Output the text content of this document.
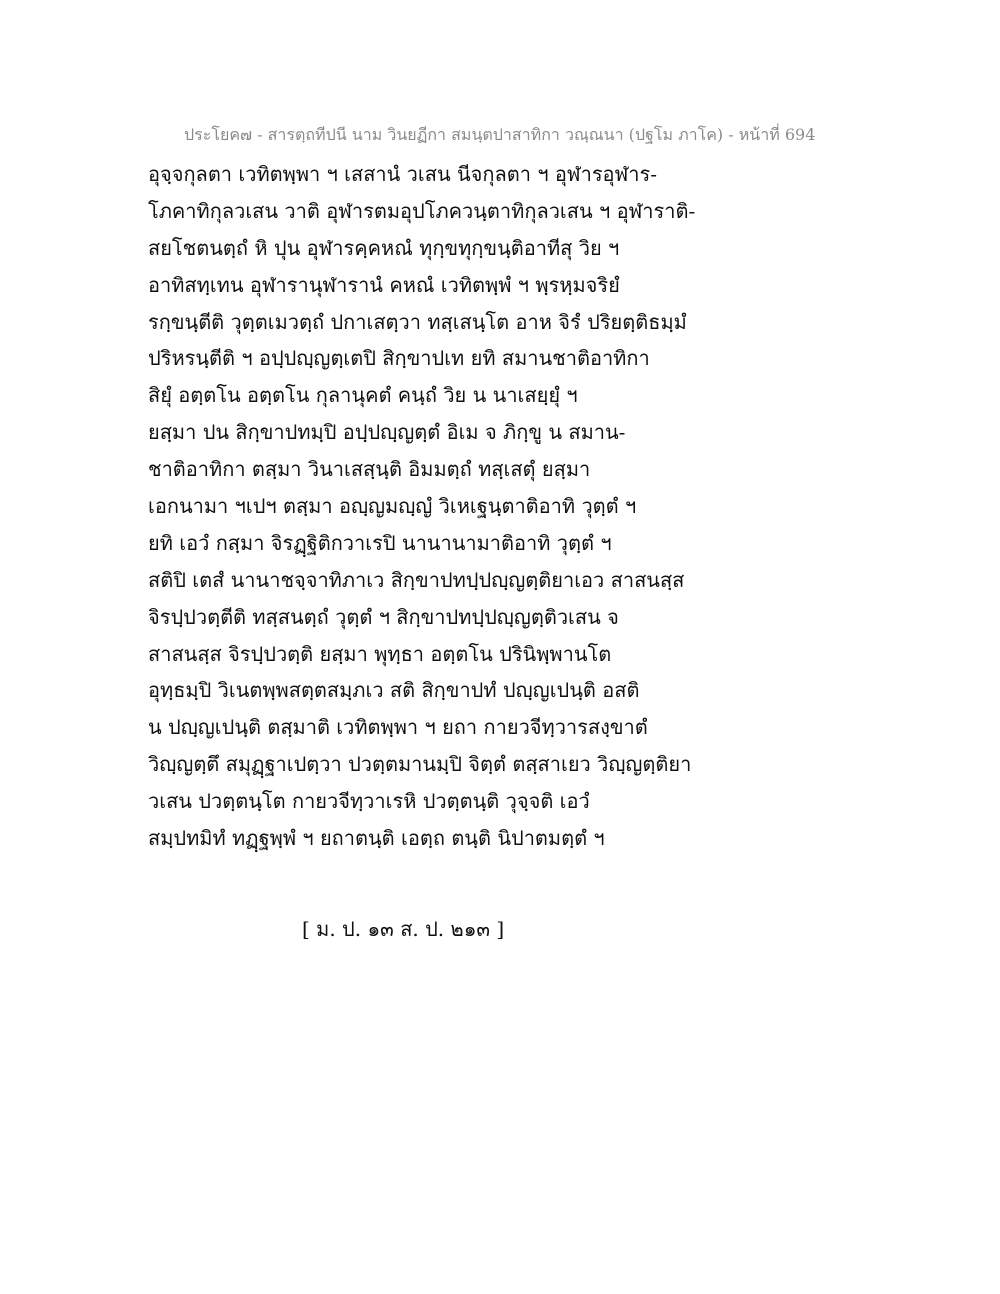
ประโยค๗ - สารตฺถทีปนี นาม วินยฏีกา สมนฺตปาสาทิกา วณฺณนา (ปฐโม ภาโค) - หน้าที่ 694
อุจฺจกุลตา เวทิตพฺพา ฯ เสสานํ วเสน นีจกุลตา ฯ อุฬารอุฬาร-
โภคาทิกุลวเสน วาติ อุฬารตมอุปโภควนฺตาทิกุลวเสน ฯ อุฬาราติ-
สยโชตนตฺถํ หิ ปุน อุฬารคฺคหณํ ทุกฺขทุกฺขนฺติอาทีสุ วิย ฯ
อาทิสทฺเทน อุฬารานุฬารานํ คหณํ เวทิตพฺพํ ฯ พฺรหฺมจริยํ
รกฺขนฺตีติ วุตฺตเมวตฺถํ ปกาเสตฺวา ทสฺเสนฺโต อาห จิรํ ปริยตฺติธมฺมํ
ปริหรนฺตีติ ฯ อปฺปญฺญตฺเตปิ สิกฺขาปเท ยทิ สมานชาติอาทิกา
สิยุํ อตฺตโน อตฺตโน กุลานุคตํ คนฺถํ วิย น นาเสยฺยุํ ฯ
ยสฺมา ปน สิกฺขาปทมฺปิ อปฺปญฺญตฺตํ อิเม จ ภิกฺขู น สมาน-
ชาติอาทิกา ตสฺมา วินาเสสฺนฺติ อิมมตฺถํ ทสฺเสตุํ ยสฺมา
เอกนามา ฯเปฯ ตสฺมา อญฺญมญฺญํ วิเหเฐนฺตาติอาทิ วุตฺตํ ฯ
ยทิ เอวํ กสฺมา จิรฏฺฐิติกวาเรปิ นานานามาติอาทิ วุตฺตํ ฯ
สติปิ เตสํ นานาชจฺจาทิภาเว สิกฺขาปทปฺปญฺญตฺติยาเอว สาสนสฺส
จิรปฺปวตฺตีติ ทสฺสนตฺถํ วุตฺตํ ฯ สิกฺขาปทปฺปญฺญตฺติวเสน จ
สาสนสฺส จิรปฺปวตฺติ ยสฺมา พุทฺธา อตฺตโน ปรินิพฺพานโต
อุทฺธมฺปิ วิเนตพฺพสตฺตสมฺภเว สติ สิกฺขาปทํ ปญฺญเปนฺติ อสติ
น ปญฺญเปนฺติ ตสฺมาติ เวทิตพฺพา ฯ ยถา กายวจีทฺวารสงฺขาตํ
วิญฺญตฺตึ สมุฏฺฐาเปตฺวา ปวตฺตมานมฺปิ จิตฺตํ ตสฺสาเยว วิญฺญตฺติยา
วเสน ปวตฺตนฺโต กายวจีทฺวาเรหิ ปวตฺตนฺติ วุจฺจติ เอวํ
สมฺปทมิทํ ทฏฺฐพฺพํ ฯ ยถาตนฺติ เอตฺถ ตนฺติ นิปาตมตฺตํ ฯ
[ ม. ป. ๑๓ ส. ป. ๒๑๓ ]
